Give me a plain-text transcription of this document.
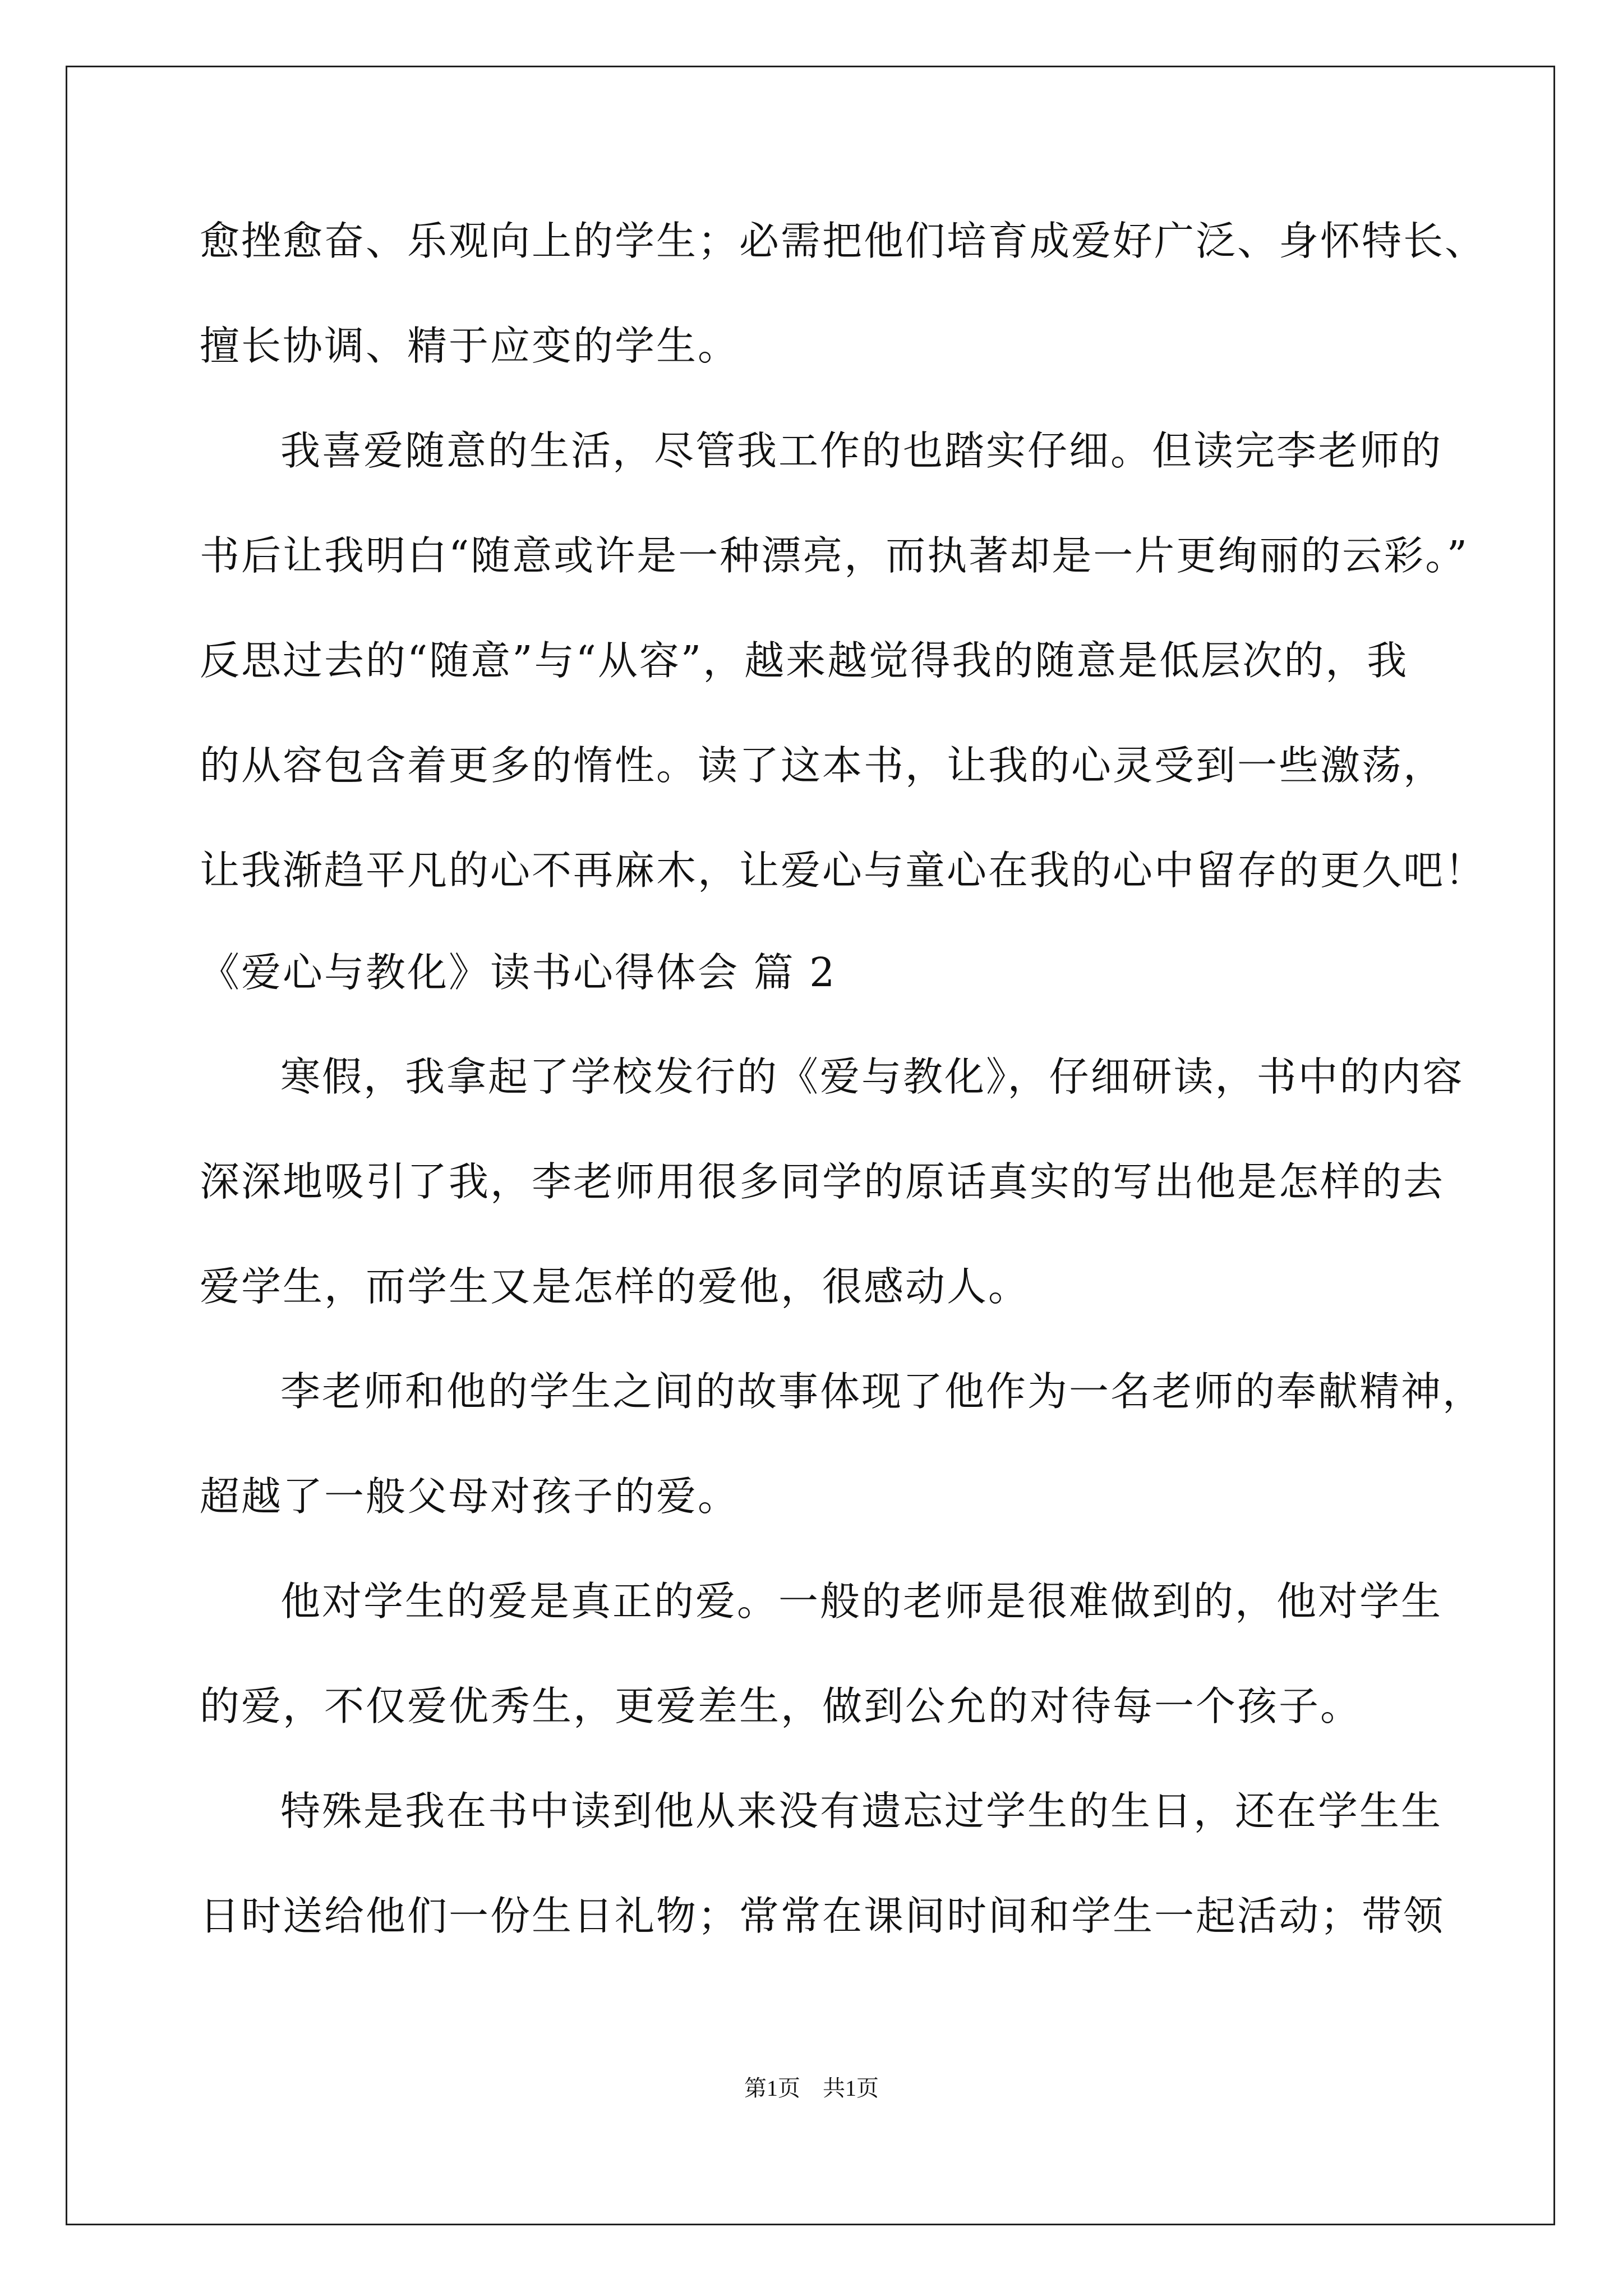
愈挫愈奋、乐观向上的学生；必需把他们培育成爱好广泛、身怀特长、
擅长协调、精于应变的学生。
我喜爱随意的生活，尽管我工作的也踏实仔细。但读完李老师的
书后让我明白“随意或许是一种漂亮，而执著却是一片更绚丽的云彩。”
反思过去的“随意”与“从容”，越来越觉得我的随意是低层次的，我
的从容包含着更多的惰性。读了这本书，让我的心灵受到一些激荡，
让我渐趋平凡的心不再麻木，让爱心与童心在我的心中留存的更久吧！
《爱心与教化》读书心得体会 篇 2
寒假，我拿起了学校发行的《爱与教化》，仔细研读，书中的内容
深深地吸引了我，李老师用很多同学的原话真实的写出他是怎样的去
爱学生，而学生又是怎样的爱他，很感动人。
李老师和他的学生之间的故事体现了他作为一名老师的奉献精神，
超越了一般父母对孩子的爱。
他对学生的爱是真正的爱。一般的老师是很难做到的，他对学生
的爱，不仅爱优秀生，更爱差生，做到公允的对待每一个孩子。
特殊是我在书中读到他从来没有遗忘过学生的生日，还在学生生
日时送给他们一份生日礼物；常常在课间时间和学生一起活动；带领
第1页　共1页
